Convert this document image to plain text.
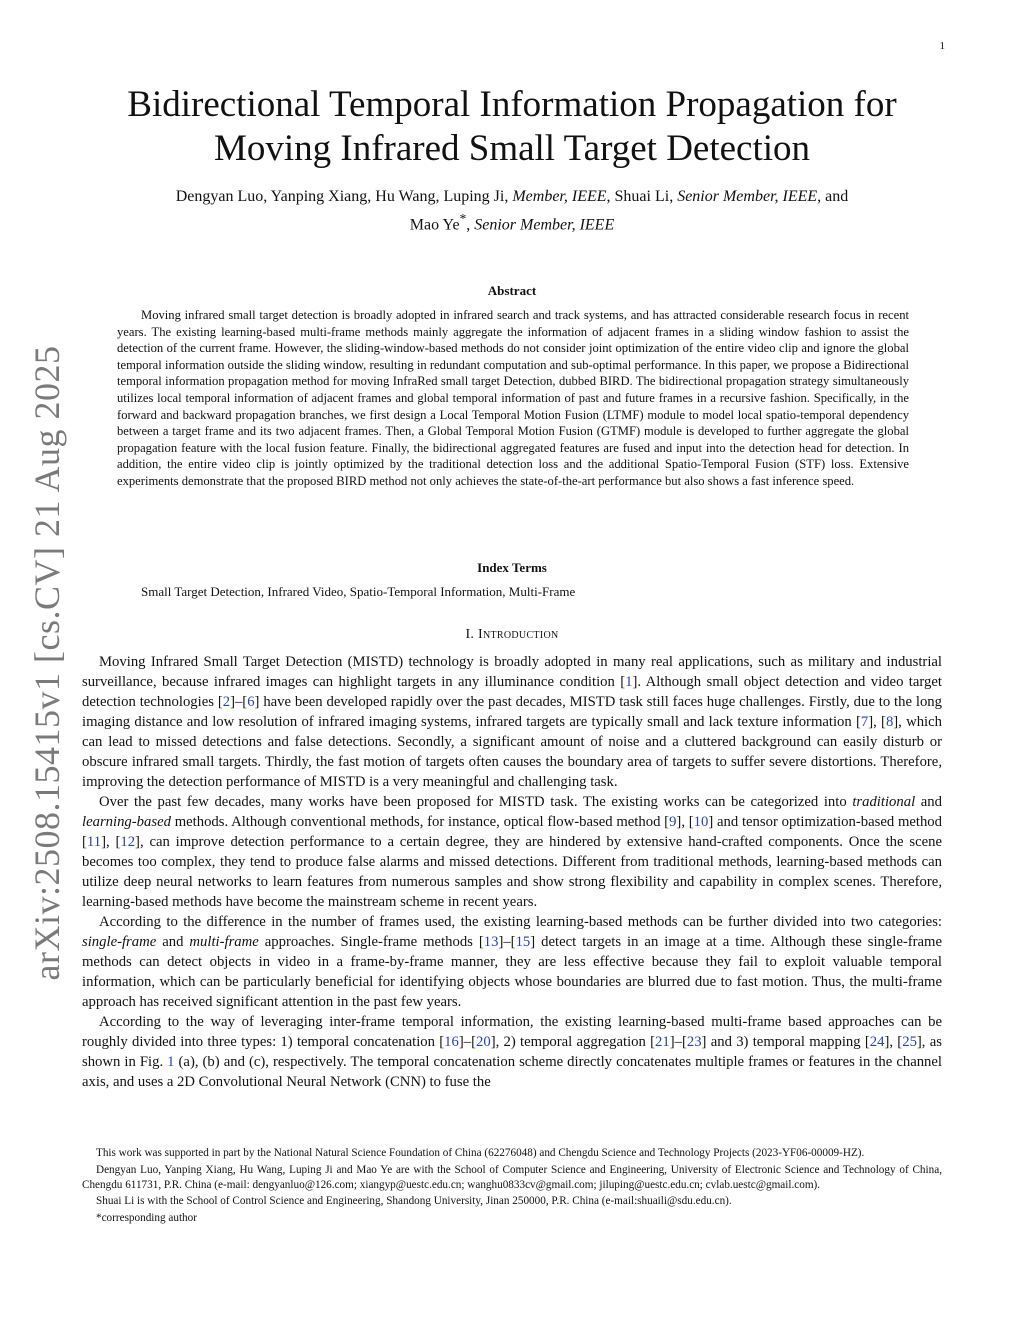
1
arXiv:2508.15415v1 [cs.CV] 21 Aug 2025
Bidirectional Temporal Information Propagation for
Moving Infrared Small Target Detection
Dengyan Luo, Yanping Xiang, Hu Wang, Luping Ji, Member, IEEE, Shuai Li, Senior Member, IEEE, and
Mao Ye*, Senior Member, IEEE
Abstract
Moving infrared small target detection is broadly adopted in infrared search and track systems, and has attracted considerable research focus in recent years. The existing learning-based multi-frame methods mainly aggregate the information of adjacent frames in a sliding window fashion to assist the detection of the current frame. However, the sliding-window-based methods do not consider joint optimization of the entire video clip and ignore the global temporal information outside the sliding window, resulting in redundant computation and sub-optimal performance. In this paper, we propose a Bidirectional temporal information propagation method for moving InfraRed small target Detection, dubbed BIRD. The bidirectional propagation strategy simultaneously utilizes local temporal information of adjacent frames and global temporal information of past and future frames in a recursive fashion. Specifically, in the forward and backward propagation branches, we first design a Local Temporal Motion Fusion (LTMF) module to model local spatio-temporal dependency between a target frame and its two adjacent frames. Then, a Global Temporal Motion Fusion (GTMF) module is developed to further aggregate the global propagation feature with the local fusion feature. Finally, the bidirectional aggregated features are fused and input into the detection head for detection. In addition, the entire video clip is jointly optimized by the traditional detection loss and the additional Spatio-Temporal Fusion (STF) loss. Extensive experiments demonstrate that the proposed BIRD method not only achieves the state-of-the-art performance but also shows a fast inference speed.
Index Terms
Small Target Detection, Infrared Video, Spatio-Temporal Information, Multi-Frame
I. Introduction

Moving Infrared Small Target Detection (MISTD) technology is broadly adopted in many real applications, such as military and industrial surveillance, because infrared images can highlight targets in any illuminance condition [1]. Although small object detection and video target detection technologies [2]–[6] have been developed rapidly over the past decades, MISTD task still faces huge challenges. Firstly, due to the long imaging distance and low resolution of infrared imaging systems, infrared targets are typically small and lack texture information [7], [8], which can lead to missed detections and false detections. Secondly, a significant amount of noise and a cluttered background can easily disturb or obscure infrared small targets. Thirdly, the fast motion of targets often causes the boundary area of targets to suffer severe distortions. Therefore, improving the detection performance of MISTD is a very meaningful and challenging task.

Over the past few decades, many works have been proposed for MISTD task. The existing works can be categorized into traditional and learning-based methods. Although conventional methods, for instance, optical flow-based method [9], [10] and tensor optimization-based method [11], [12], can improve detection performance to a certain degree, they are hindered by extensive hand-crafted components. Once the scene becomes too complex, they tend to produce false alarms and missed detections. Different from traditional methods, learning-based methods can utilize deep neural networks to learn features from numerous samples and show strong flexibility and capability in complex scenes. Therefore, learning-based methods have become the mainstream scheme in recent years.

According to the difference in the number of frames used, the existing learning-based methods can be further divided into two categories: single-frame and multi-frame approaches. Single-frame methods [13]–[15] detect targets in an image at a time. Although these single-frame methods can detect objects in video in a frame-by-frame manner, they are less effective because they fail to exploit valuable temporal information, which can be particularly beneficial for identifying objects whose boundaries are blurred due to fast motion. Thus, the multi-frame approach has received significant attention in the past few years.

According to the way of leveraging inter-frame temporal information, the existing learning-based multi-frame based approaches can be roughly divided into three types: 1) temporal concatenation [16]–[20], 2) temporal aggregation [21]–[23] and 3) temporal mapping [24], [25], as shown in Fig. 1 (a), (b) and (c), respectively. The temporal concatenation scheme directly concatenates multiple frames or features in the channel axis, and uses a 2D Convolutional Neural Network (CNN) to fuse the

This work was supported in part by the National Natural Science Foundation of China (62276048) and Chengdu Science and Technology Projects (2023-YF06-00009-HZ).

Dengyan Luo, Yanping Xiang, Hu Wang, Luping Ji and Mao Ye are with the School of Computer Science and Engineering, University of Electronic Science and Technology of China, Chengdu 611731, P.R. China (e-mail: dengyanluo@126.com; xiangyp@uestc.edu.cn; wanghu0833cv@gmail.com; jiluping@uestc.edu.cn; cvlab.uestc@gmail.com).

Shuai Li is with the School of Control Science and Engineering, Shandong University, Jinan 250000, P.R. China (e-mail:shuaili@sdu.edu.cn).

*corresponding author
